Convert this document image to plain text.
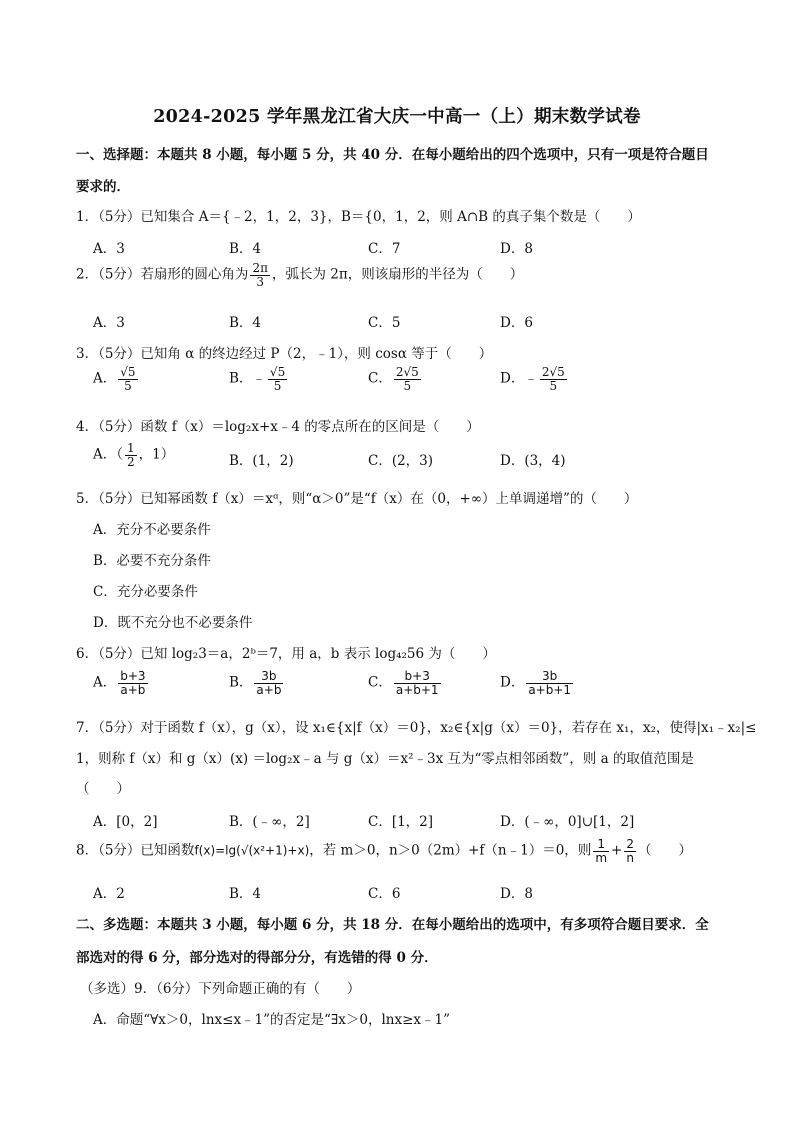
2024-2025 学年黑龙江省大庆一中高一（上）期末数学试卷
一、选择题：本题共 8 小题，每小题 5 分，共 40 分．在每小题给出的四个选项中，只有一项是符合题目
要求的．
1．（5分）已知集合 A＝{﹣2，1，2，3}，B＝{0，1，2，则 A∩B 的真子集个数是（　　）
A．3	B．4	C．7	D．8
2．（5分）若扇形的圆心角为 $\frac{2\pi}{3}$ ，弧长为 2π，则该扇形的半径为（　　）
A．3	B．4	C．5	D．6
3．（5分）已知角 α 的终边经过 P（2，﹣1），则 cosα 等于（　　）
A． $\frac{√5}{5}$	B．﹣ $\frac{√5}{5}$	C． $\frac{2√5}{5}$	D．﹣ $\frac{2√5}{5}$
4．（5分）函数 f（x）＝log₂x+x﹣4 的零点所在的区间是（　　）
A．（ $\frac{1}{2}$ ，1）	B．(1，2)	C．(2，3)	D．(3，4)
5．（5分）已知幂函数 f（x）＝xᵅ，则“α＞0”是“f（x）在（0，+∞）上单调递增”的（　　）
A．充分不必要条件
B．必要不充分条件
C．充分必要条件
D．既不充分也不必要条件
6．（5分）已知 log₂3＝a，2ᵇ＝7，用 a，b 表示 log₄₂56 为（　　）
A． $\frac{b+3}{a+b}$	B． $\frac{3b}{a+b}$	C． $\frac{b+3}{a+b+1}$	D． $\frac{3b}{a+b+1}$
7．（5分）对于函数 f（x），g（x），设 x₁∈{x|f（x）＝0}，x₂∈{x|g（x）＝0}，若存在 x₁，x₂，使得|x₁﹣x₂|≤
1，则称 f（x）和 g（x）(x) ＝log₂x﹣a 与 g（x）＝x²﹣3x 互为“零点相邻函数”，则 a 的取值范围是
（　　）
A．[0，2]	B．(﹣∞，2]	C．[1，2]	D．(﹣∞，0]∪[1，2]
8．（5分）已知函数f(x)=lg(√(x²+1)+x)，若 m＞0，n＞0（2m）+f（n﹣1）＝0，则 $\frac{1}{m} + \frac{2}{n}$ （　　）
A．2	B．4	C．6	D．8
二、多选题：本题共 3 小题，每小题 6 分，共 18 分．在每小题给出的选项中，有多项符合题目要求．全
部选对的得 6 分，部分选对的得部分分，有选错的得 0 分．
（多选）9．（6分）下列命题正确的有（　　）
A．命题“∀x＞0，lnx≤x﹣1”的否定是“∃x＞0，lnx≥x﹣1”
